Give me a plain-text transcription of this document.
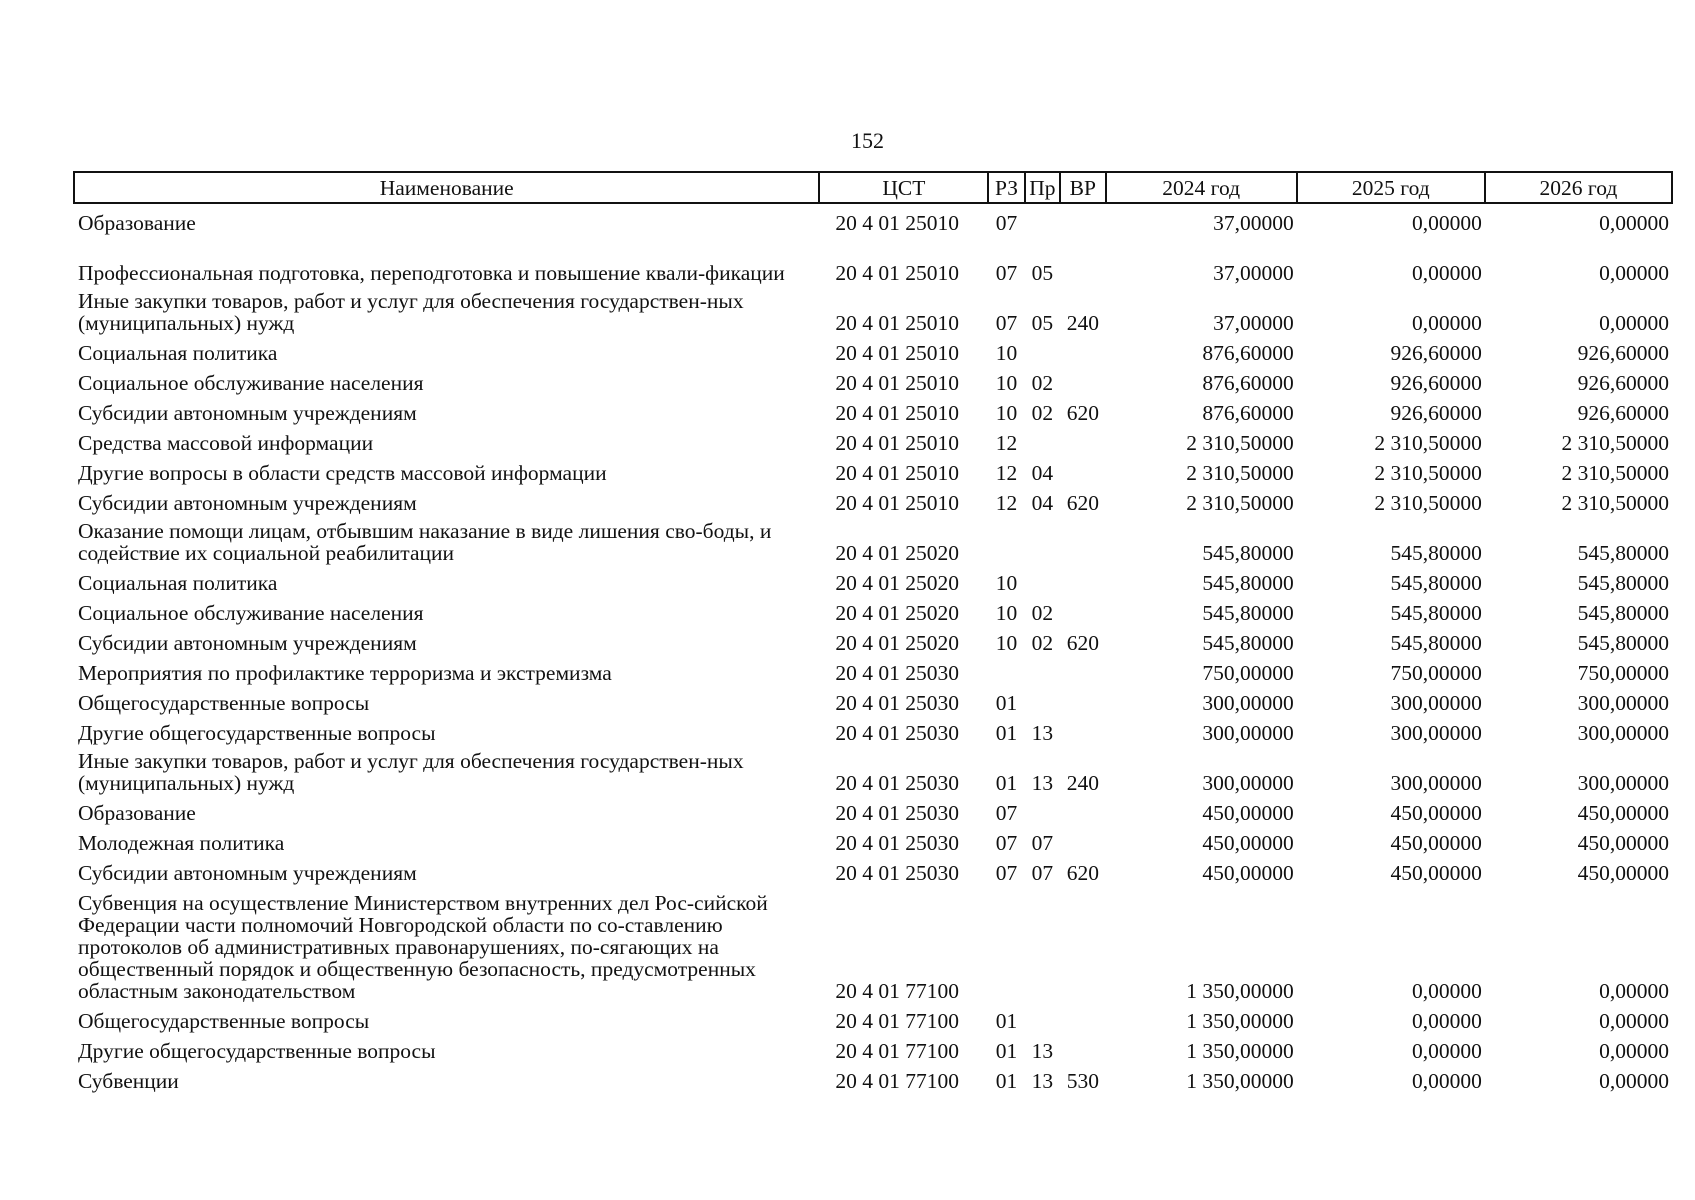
152
Наименование	ЦСТ	РЗ	Пр	ВР	2024 год	2025 год	2026 год
Образование	20 4 01 25010	07			37,00000	0,00000	0,00000
Профессиональная подготовка, переподготовка и повышение квали-фикации	20 4 01 25010	07	05		37,00000	0,00000	0,00000
Иные закупки товаров, работ и услуг для обеспечения государствен-ных (муниципальных) нужд	20 4 01 25010	07	05	240	37,00000	0,00000	0,00000
Социальная политика	20 4 01 25010	10			876,60000	926,60000	926,60000
Социальное обслуживание населения	20 4 01 25010	10	02		876,60000	926,60000	926,60000
Субсидии автономным учреждениям	20 4 01 25010	10	02	620	876,60000	926,60000	926,60000
Средства массовой информации	20 4 01 25010	12			2 310,50000	2 310,50000	2 310,50000
Другие вопросы в области средств массовой информации	20 4 01 25010	12	04		2 310,50000	2 310,50000	2 310,50000
Субсидии автономным учреждениям	20 4 01 25010	12	04	620	2 310,50000	2 310,50000	2 310,50000
Оказание помощи лицам, отбывшим наказание в виде лишения сво-боды, и содействие их социальной реабилитации	20 4 01 25020				545,80000	545,80000	545,80000
Социальная политика	20 4 01 25020	10			545,80000	545,80000	545,80000
Социальное обслуживание населения	20 4 01 25020	10	02		545,80000	545,80000	545,80000
Субсидии автономным учреждениям	20 4 01 25020	10	02	620	545,80000	545,80000	545,80000
Мероприятия по профилактике терроризма и экстремизма	20 4 01 25030				750,00000	750,00000	750,00000
Общегосударственные вопросы	20 4 01 25030	01			300,00000	300,00000	300,00000
Другие общегосударственные вопросы	20 4 01 25030	01	13		300,00000	300,00000	300,00000
Иные закупки товаров, работ и услуг для обеспечения государствен-ных (муниципальных) нужд	20 4 01 25030	01	13	240	300,00000	300,00000	300,00000
Образование	20 4 01 25030	07			450,00000	450,00000	450,00000
Молодежная политика	20 4 01 25030	07	07		450,00000	450,00000	450,00000
Субсидии автономным учреждениям	20 4 01 25030	07	07	620	450,00000	450,00000	450,00000
Субвенция на осуществление Министерством внутренних дел Рос-сийской Федерации части полномочий Новгородской области по со-ставлению протоколов об административных правонарушениях, по-сягающих на общественный порядок и общественную безопасность, предусмотренных областным законодательством	20 4 01 77100				1 350,00000	0,00000	0,00000
Общегосударственные вопросы	20 4 01 77100	01			1 350,00000	0,00000	0,00000
Другие общегосударственные вопросы	20 4 01 77100	01	13		1 350,00000	0,00000	0,00000
Субвенции	20 4 01 77100	01	13	530	1 350,00000	0,00000	0,00000
